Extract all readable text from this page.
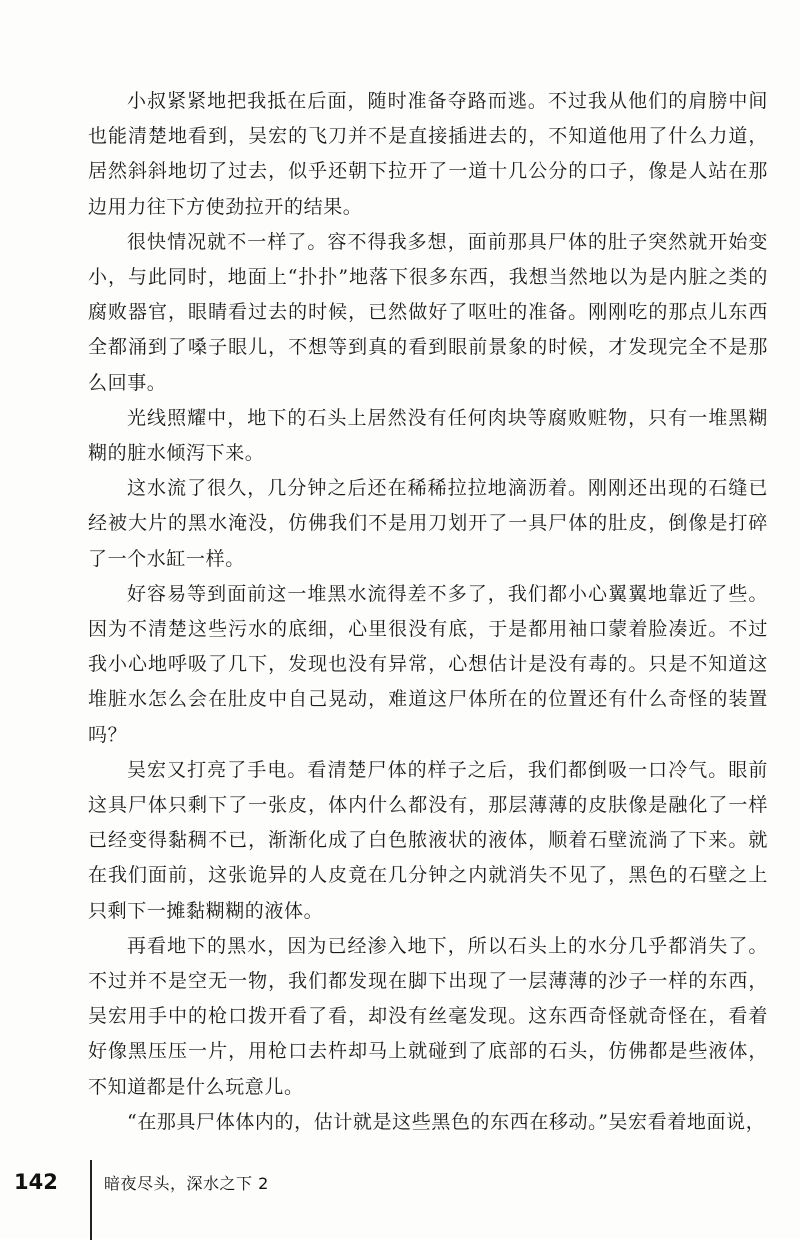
小叔紧紧地把我抵在后面，随时准备夺路而逃。不过我从他们的肩膀中间也能清楚地看到，吴宏的飞刀并不是直接插进去的，不知道他用了什么力道，居然斜斜地切了过去，似乎还朝下拉开了一道十几公分的口子，像是人站在那边用力往下方使劲拉开的结果。

很快情况就不一样了。容不得我多想，面前那具尸体的肚子突然就开始变小，与此同时，地面上“扑扑”地落下很多东西，我想当然地以为是内脏之类的腐败器官，眼睛看过去的时候，已然做好了呕吐的准备。刚刚吃的那点儿东西全都涌到了嗓子眼儿，不想等到真的看到眼前景象的时候，才发现完全不是那么回事。

光线照耀中，地下的石头上居然没有任何肉块等腐败赃物，只有一堆黑糊糊的脏水倾泻下来。

这水流了很久，几分钟之后还在稀稀拉拉地滴沥着。刚刚还出现的石缝已经被大片的黑水淹没，仿佛我们不是用刀划开了一具尸体的肚皮，倒像是打碎了一个水缸一样。

好容易等到面前这一堆黑水流得差不多了，我们都小心翼翼地靠近了些。因为不清楚这些污水的底细，心里很没有底，于是都用袖口蒙着脸凑近。不过我小心地呼吸了几下，发现也没有异常，心想估计是没有毒的。只是不知道这堆脏水怎么会在肚皮中自己晃动，难道这尸体所在的位置还有什么奇怪的装置吗？

吴宏又打亮了手电。看清楚尸体的样子之后，我们都倒吸一口冷气。眼前这具尸体只剩下了一张皮，体内什么都没有，那层薄薄的皮肤像是融化了一样已经变得黏稠不已，渐渐化成了白色脓液状的液体，顺着石壁流淌了下来。就在我们面前，这张诡异的人皮竟在几分钟之内就消失不见了，黑色的石壁之上只剩下一摊黏糊糊的液体。

再看地下的黑水，因为已经渗入地下，所以石头上的水分几乎都消失了。不过并不是空无一物，我们都发现在脚下出现了一层薄薄的沙子一样的东西，吴宏用手中的枪口拨开看了看，却没有丝毫发现。这东西奇怪就奇怪在，看着好像黑压压一片，用枪口去杵却马上就碰到了底部的石头，仿佛都是些液体，不知道都是什么玩意儿。

“在那具尸体体内的，估计就是这些黑色的东西在移动。”吴宏看着地面说，

142	暗夜尽头，深水之下 2
